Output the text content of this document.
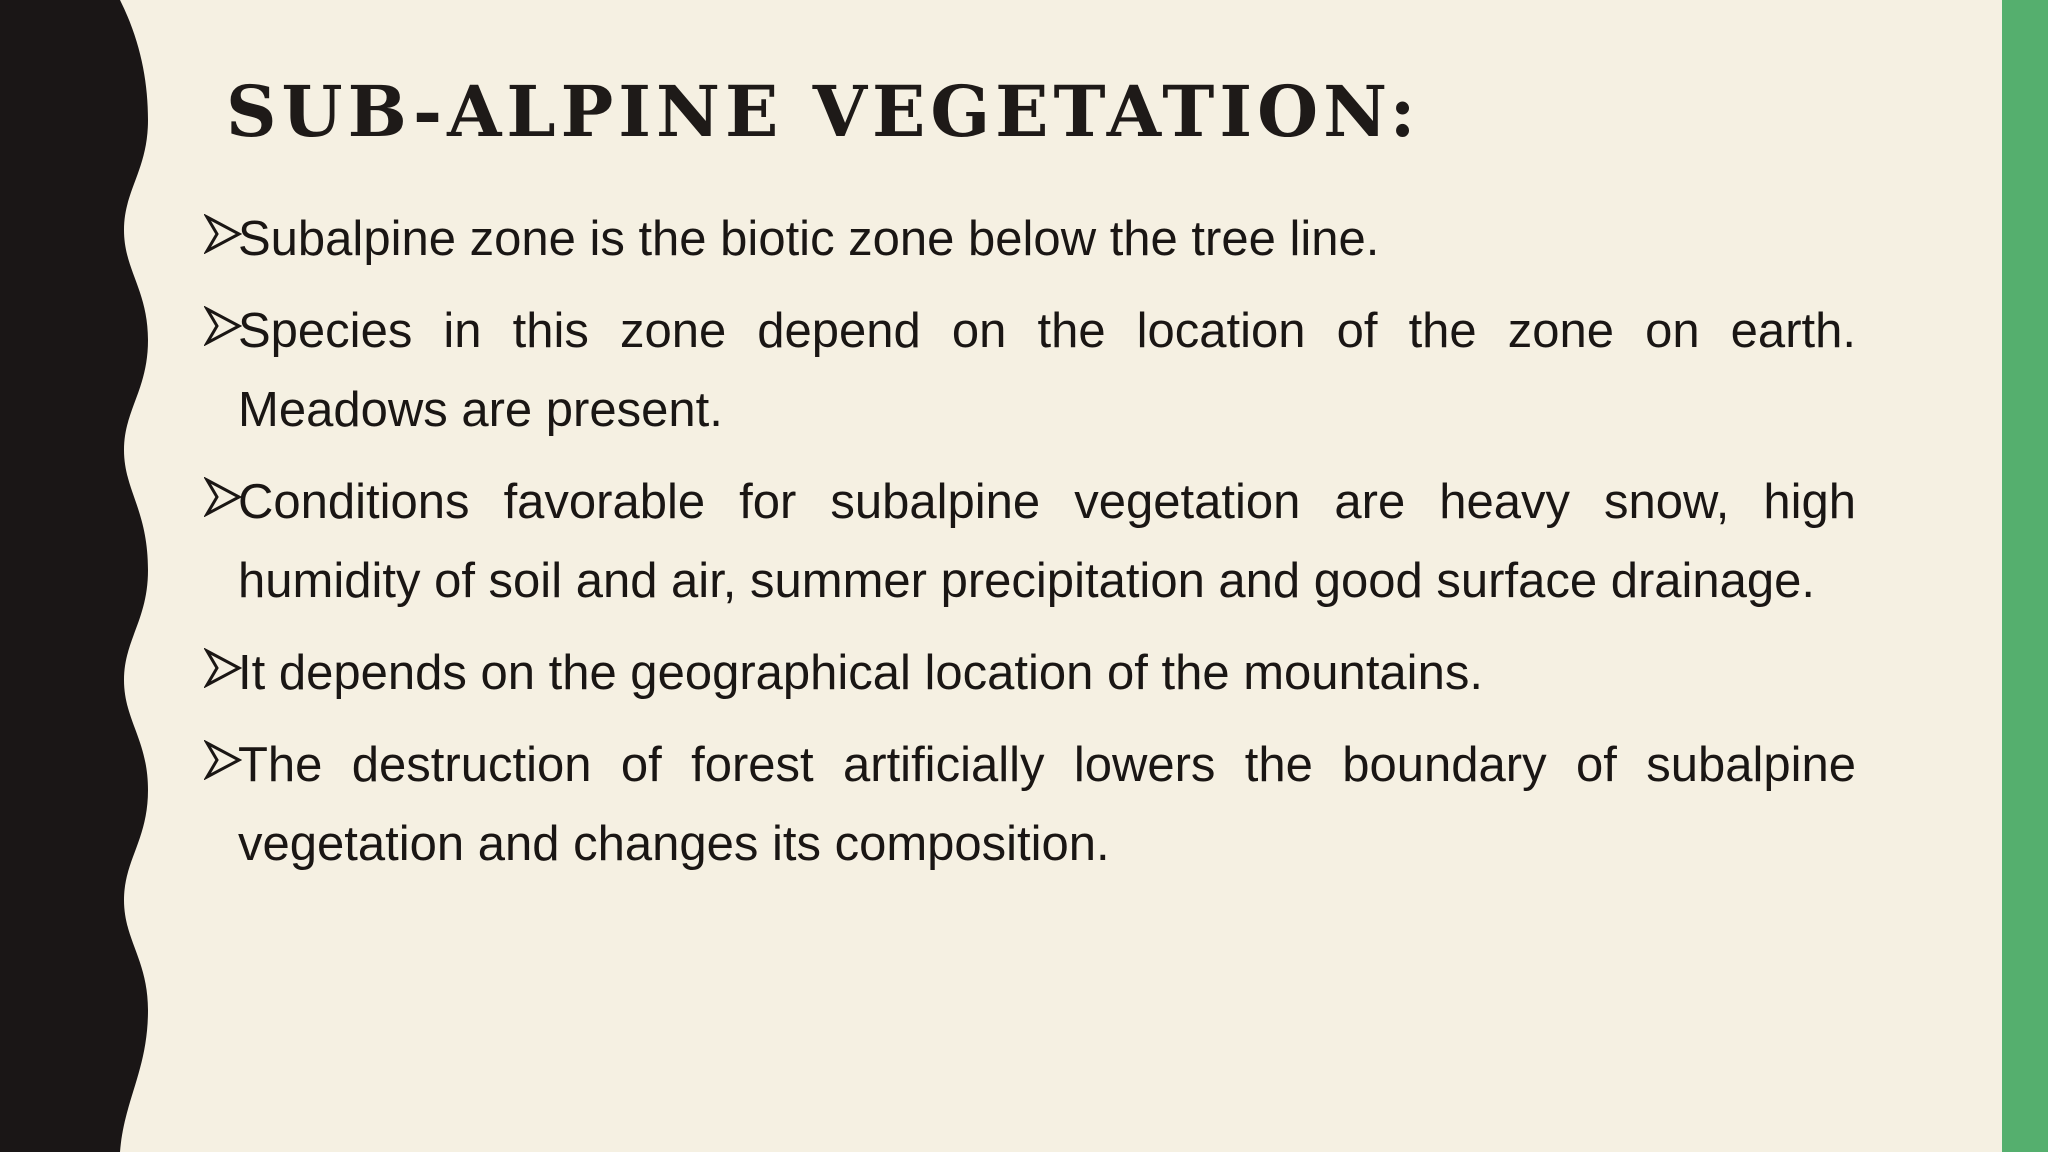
SUB-ALPINE VEGETATION:
Subalpine zone is the biotic zone below the tree line.
Species in this zone depend on the location of the zone on earth. Meadows are present.
Conditions favorable for subalpine vegetation are heavy snow, high humidity of soil and air, summer precipitation and good surface drainage.
It depends on the geographical location of the mountains.
The destruction of forest artificially lowers the boundary of subalpine vegetation and changes its composition.
